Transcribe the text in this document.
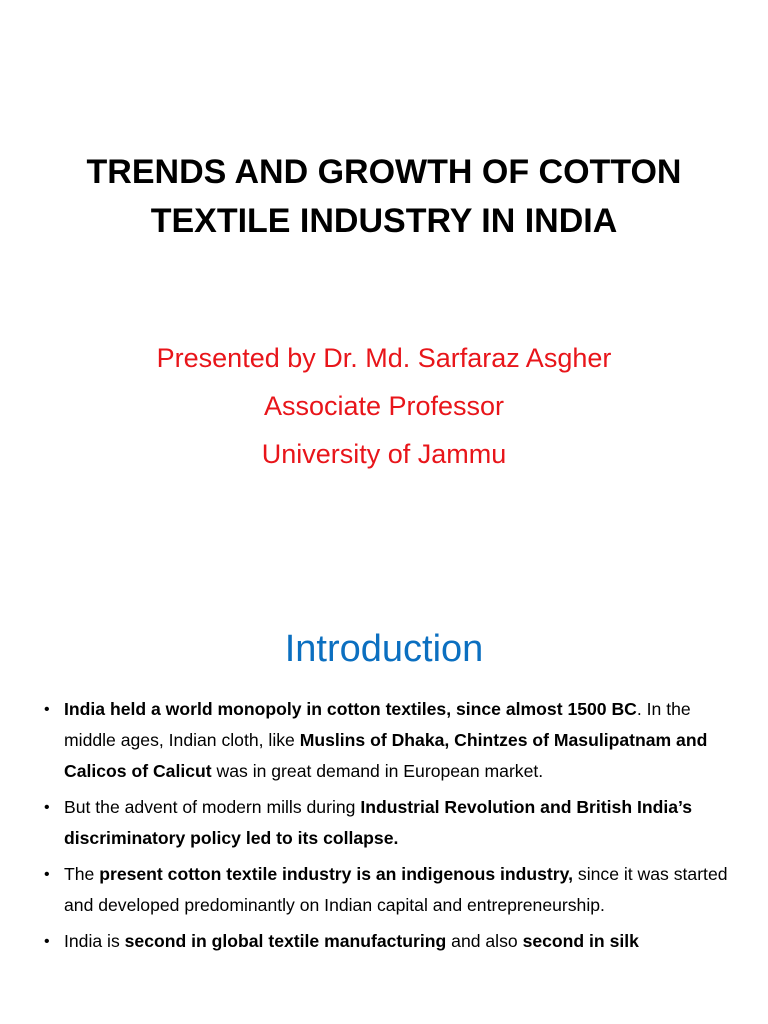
TRENDS AND GROWTH OF COTTON
TEXTILE INDUSTRY IN INDIA
Presented by Dr. Md. Sarfaraz Asgher
Associate Professor
University of Jammu
Introduction
• India held a world monopoly in cotton textiles, since almost 1500 BC. In the middle ages, Indian cloth, like Muslins of Dhaka, Chintzes of Masulipatnam and Calicos of Calicut was in great demand in European market.
• But the advent of modern mills during Industrial Revolution and British India’s discriminatory policy led to its collapse.
• The present cotton textile industry is an indigenous industry, since it was started and developed predominantly on Indian capital and entrepreneurship.
• India is second in global textile manufacturing and also second in silk
